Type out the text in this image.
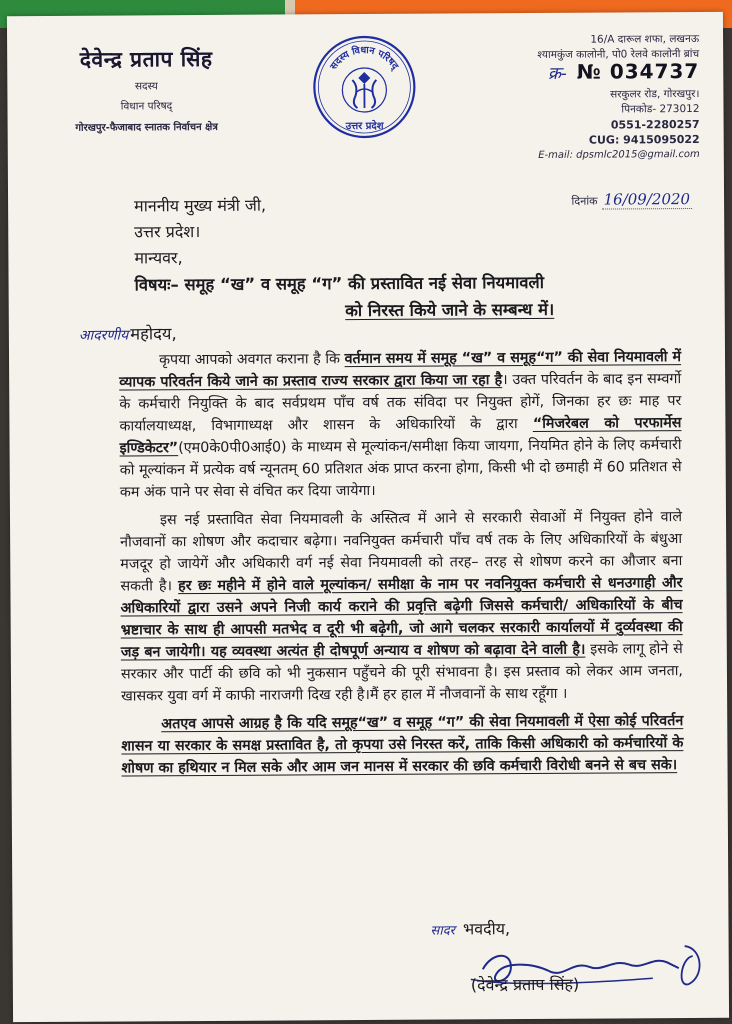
देवेन्द्र प्रताप सिंह
सदस्य
विधान परिषद्
गोरखपुर-फैजाबाद स्नातक निर्वाचन क्षेत्र
सदस्य विधान परिषद्
उत्तर प्रदेश
16/A दारूल शफा, लखनऊ
श्यामकुंज कालोनी, पो0 रेलवे कालोनी ब्रांच
क्र- № 034737
सरकुलर रोड, गोरखपुर।
पिनकोड- 273012
0551-2280257
CUG: 9415095022
E-mail: dpsmlc2015@gmail.com
दिनांक 16/09/2020
माननीय मुख्य मंत्री जी,
उत्तर प्रदेश।
मान्यवर,
विषयः– समूह “ख” व समूह “ग” की प्रस्तावित नई सेवा नियमावली
को निरस्त किये जाने के सम्बन्ध में।
आदरणीय महोदय,

कृपया आपको अवगत कराना है कि वर्तमान समय में समूह “ख” व समूह“ग” की सेवा नियमावली में व्यापक परिवर्तन किये जाने का प्रस्ताव राज्य सरकार द्वारा किया जा रहा है। उक्त परिवर्तन के बाद इन सम्वर्गो के कर्मचारी नियुक्ति के बाद सर्वप्रथम पाँच वर्ष तक संविदा पर नियुक्त होगें, जिनका हर छः माह पर कार्यालयाध्यक्ष, विभागाध्यक्ष और शासन के अधिकारियों के द्वारा “मिजरेबल को परफार्मेस इण्डिकेटर”(एम0के0पी0आई0) के माध्यम से मूल्यांकन/समीक्षा किया जायगा, नियमित होने के लिए कर्मचारी को मूल्यांकन में प्रत्येक वर्ष न्यूनतम् 60 प्रतिशत अंक प्राप्त करना होगा, किसी भी दो छमाही में 60 प्रतिशत से कम अंक पाने पर सेवा से वंचित कर दिया जायेगा।

इस नई प्रस्तावित सेवा नियमावली के अस्तित्व में आने से सरकारी सेवाओं में नियुक्त होने वाले नौजवानों का शोषण और कदाचार बढ़ेगा। नवनियुक्त कर्मचारी पाँच वर्ष तक के लिए अधिकारियों के बंधुआ मजदूर हो जायेगें और अधिकारी वर्ग नई सेवा नियमावली को तरह– तरह से शोषण करने का औजार बना सकती है। हर छः महीने में होने वाले मूल्यांकन/ समीक्षा के नाम पर नवनियुक्त कर्मचारी से धनउगाही और अधिकारियों द्वारा उसने अपने निजी कार्य कराने की प्रवृत्ति बढ़ेगी जिससे कर्मचारी/ अधिकारियों के बीच भ्रष्टाचार के साथ ही आपसी मतभेद व दूरी भी बढ़ेगी, जो आगे चलकर सरकारी कार्यालयों में दुर्व्यवस्था की जड़ बन जायेगी। यह व्यवस्था अत्यंत ही दोषपूर्ण अन्याय व शोषण को बढ़ावा देने वाली है। इसके लागू होने से सरकार और पार्टी की छवि को भी नुकसान पहुँचने की पूरी संभावना है। इस प्रस्ताव को लेकर आम जनता, खासकर युवा वर्ग में काफी नाराजगी दिख रही है।मैं हर हाल में नौजवानों के साथ रहूँगा ।

अतएव आपसे आग्रह है कि यदि समूह“ख” व समूह “ग” की सेवा नियमावली में ऐसा कोई परिवर्तन शासन या सरकार के समक्ष प्रस्तावित है, तो कृपया उसे निरस्त करें, ताकि किसी अधिकारी को कर्मचारियों के शोषण का हथियार न मिल सके और आम जन मानस में सरकार की छवि कर्मचारी विरोधी बनने से बच सके।

सादर भवदीय,
(देवेन्द्र प्रताप सिंह)
